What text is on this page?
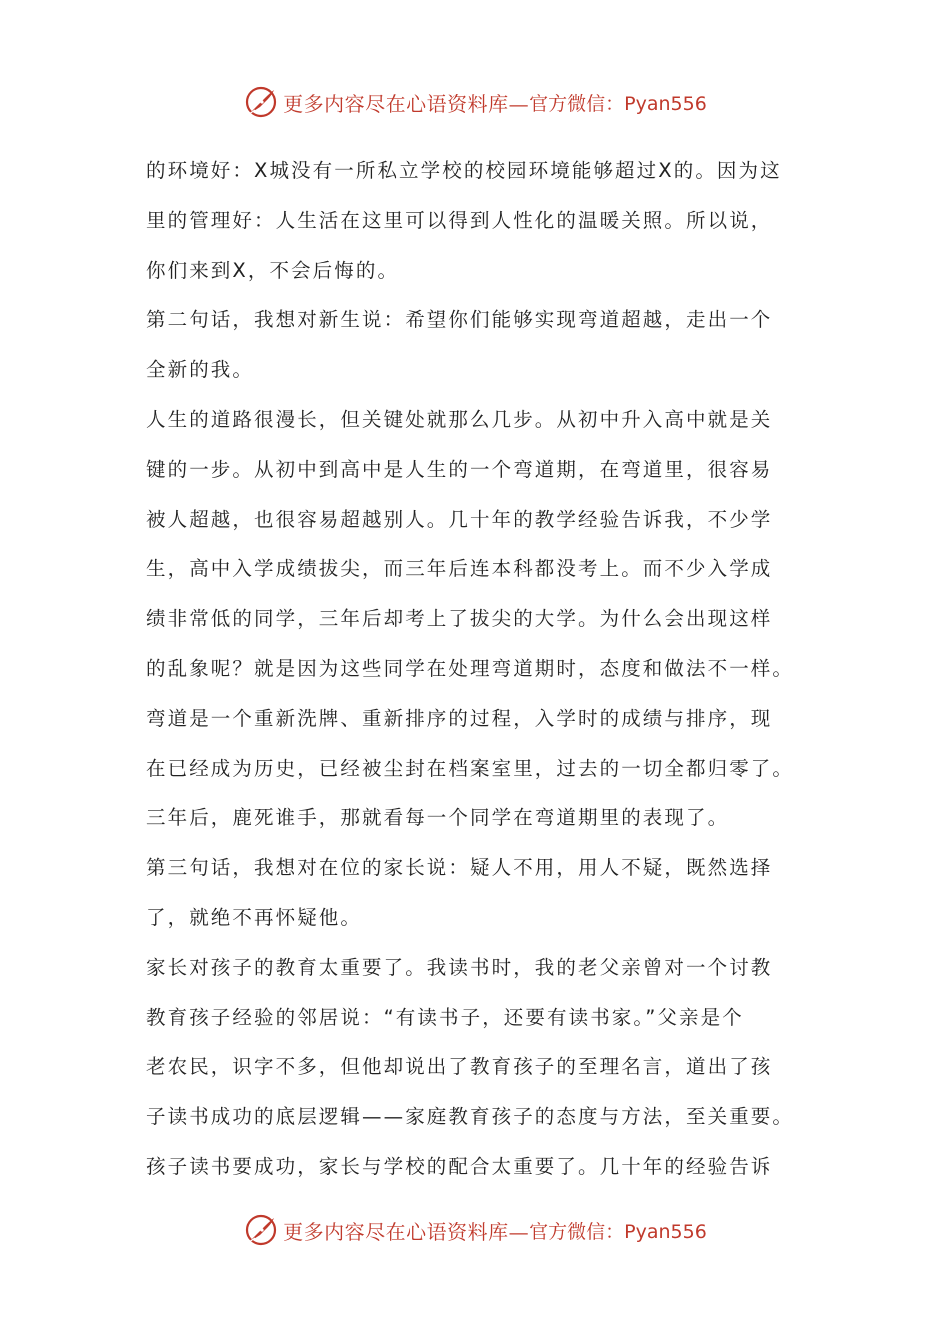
更多内容尽在心语资料库— 官方微信：Pyan556

的环境好：X城没有一所私立学校的校园环境能够超过X的。因为这

里的管理好：人生活在这里可以得到人性化的温暖关照。所以说，

你们来到X，不会后悔的。

第二句话，我想对新生说：希望你们能够实现弯道超越，走出一个

全新的我。

人生的道路很漫长，但关键处就那么几步。从初中升入高中就是关

键的一步。从初中到高中是人生的一个弯道期，在弯道里，很容易

被人超越，也很容易超越别人。几十年的教学经验告诉我，不少学

生，高中入学成绩拔尖，而三年后连本科都没考上。而不少入学成

绩非常低的同学，三年后却考上了拔尖的大学。为什么会出现这样

的乱象呢？就是因为这些同学在处理弯道期时，态度和做法不一样。

弯道是一个重新洗牌、重新排序的过程，入学时的成绩与排序，现

在已经成为历史，已经被尘封在档案室里，过去的一切全都归零了。

三年后，鹿死谁手，那就看每一个同学在弯道期里的表现了。

第三句话，我想对在位的家长说：疑人不用，用人不疑，既然选择

了，就绝不再怀疑他。

家长对孩子的教育太重要了。我读书时，我的老父亲曾对一个讨教

教育孩子经验的邻居说：“有读书子，还要有读书家。”父亲是个

老农民，识字不多，但他却说出了教育孩子的至理名言，道出了孩

子读书成功的底层逻辑——家庭教育孩子的态度与方法，至关重要。

孩子读书要成功，家长与学校的配合太重要了。几十年的经验告诉

更多内容尽在心语资料库— 官方微信：Pyan556
